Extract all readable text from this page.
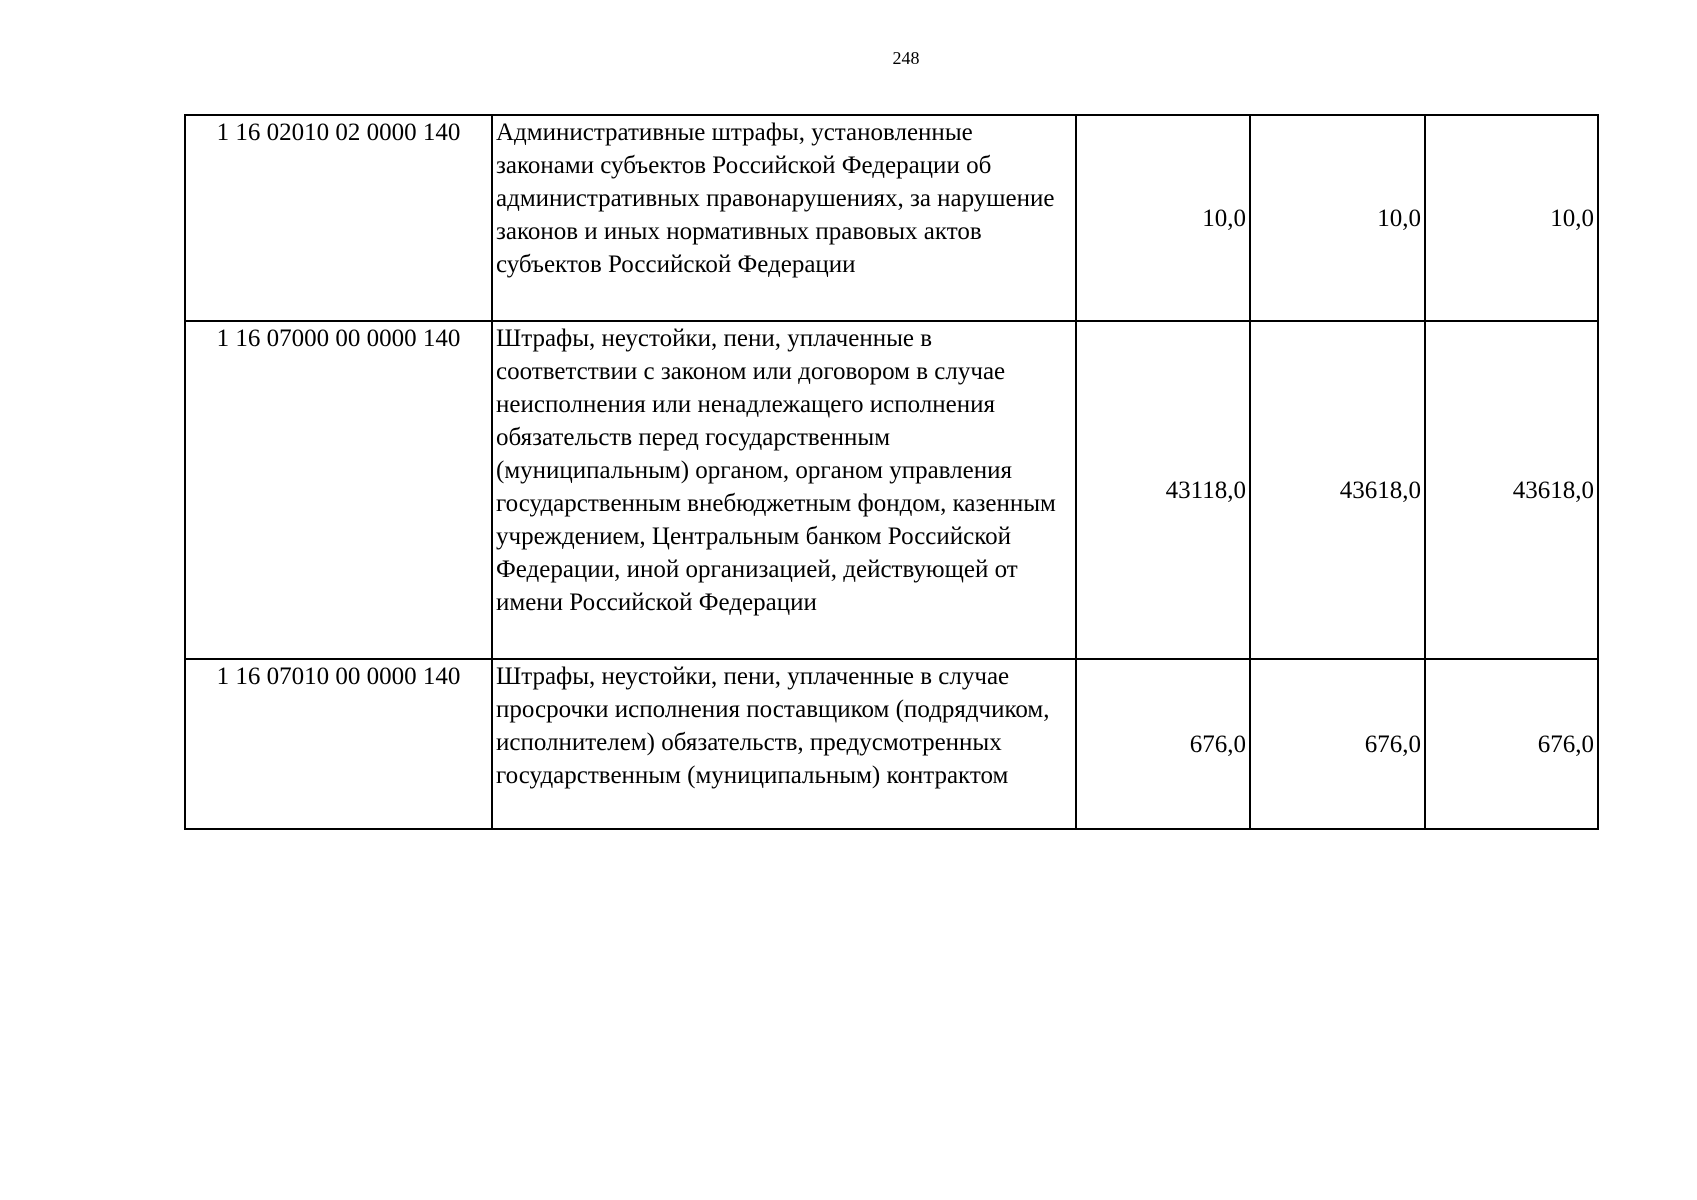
248
1 16 02010 02 0000 140	Административные штрафы, установленные законами субъектов Российской Федерации об административных правонарушениях, за нарушение законов и иных нормативных правовых актов субъектов Российской Федерации	10,0	10,0	10,0
1 16 07000 00 0000 140	Штрафы, неустойки, пени, уплаченные в соответствии с законом или договором в случае неисполнения или ненадлежащего исполнения обязательств перед государственным (муниципальным) органом, органом управления государственным внебюджетным фондом, казенным учреждением, Центральным банком Российской Федерации, иной организацией, действующей от имени Российской Федерации	43118,0	43618,0	43618,0
1 16 07010 00 0000 140	Штрафы, неустойки, пени, уплаченные в случае просрочки исполнения поставщиком (подрядчиком, исполнителем) обязательств, предусмотренных государственным (муниципальным) контрактом	676,0	676,0	676,0
